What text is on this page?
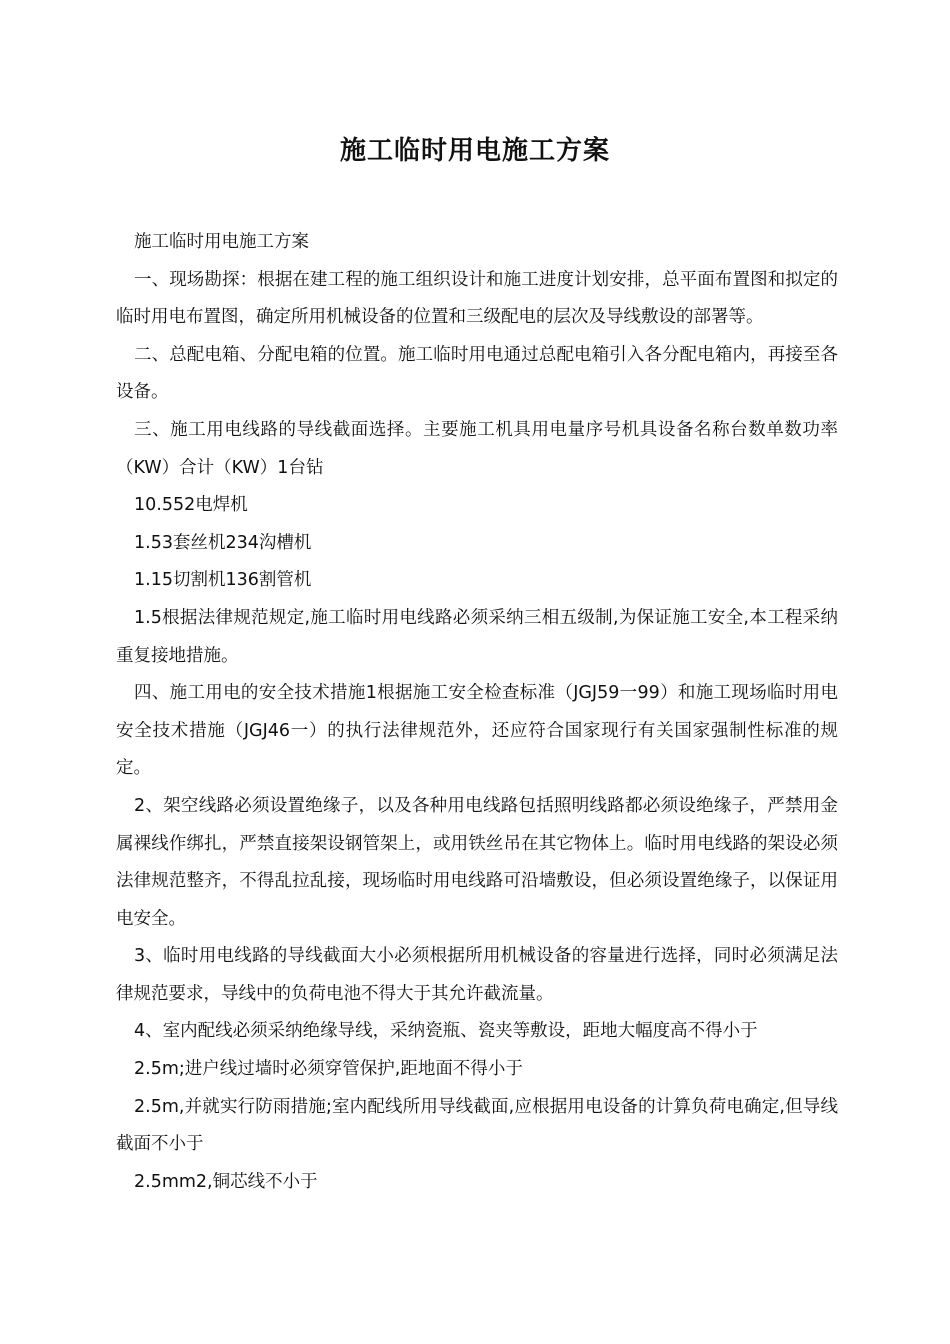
施工临时用电施工方案

施工临时用电施工方案

一、现场勘探：根据在建工程的施工组织设计和施工进度计划安排，总平面布置图和拟定的临时用电布置图，确定所用机械设备的位置和三级配电的层次及导线敷设的部署等。

二、总配电箱、分配电箱的位置。施工临时用电通过总配电箱引入各分配电箱内，再接至各设备。

三、施工用电线路的导线截面选择。主要施工机具用电量序号机具设备名称台数单数功率（KW）合计（KW）1台钻

10.552电焊机

1.53套丝机234沟槽机

1.15切割机136割管机

1.5根据法律规范规定,施工临时用电线路必须采纳三相五级制,为保证施工安全,本工程采纳重复接地措施。

四、施工用电的安全技术措施1根据施工安全检查标准（JGJ59一99）和施工现场临时用电安全技术措施（JGJ46一）的执行法律规范外，还应符合国家现行有关国家强制性标准的规定。

2、架空线路必须设置绝缘子，以及各种用电线路包括照明线路都必须设绝缘子，严禁用金属裸线作绑扎，严禁直接架设钢管架上，或用铁丝吊在其它物体上。临时用电线路的架设必须法律规范整齐，不得乱拉乱接，现场临时用电线路可沿墙敷设，但必须设置绝缘子，以保证用电安全。

3、临时用电线路的导线截面大小必须根据所用机械设备的容量进行选择，同时必须满足法律规范要求，导线中的负荷电池不得大于其允许截流量。

4、室内配线必须采纳绝缘导线，采纳瓷瓶、瓷夹等敷设，距地大幅度高不得小于

2.5m;进户线过墙时必须穿管保护,距地面不得小于

2.5m,并就实行防雨措施;室内配线所用导线截面,应根据用电设备的计算负荷电确定,但导线截面不小于

2.5mm2,铜芯线不小于
